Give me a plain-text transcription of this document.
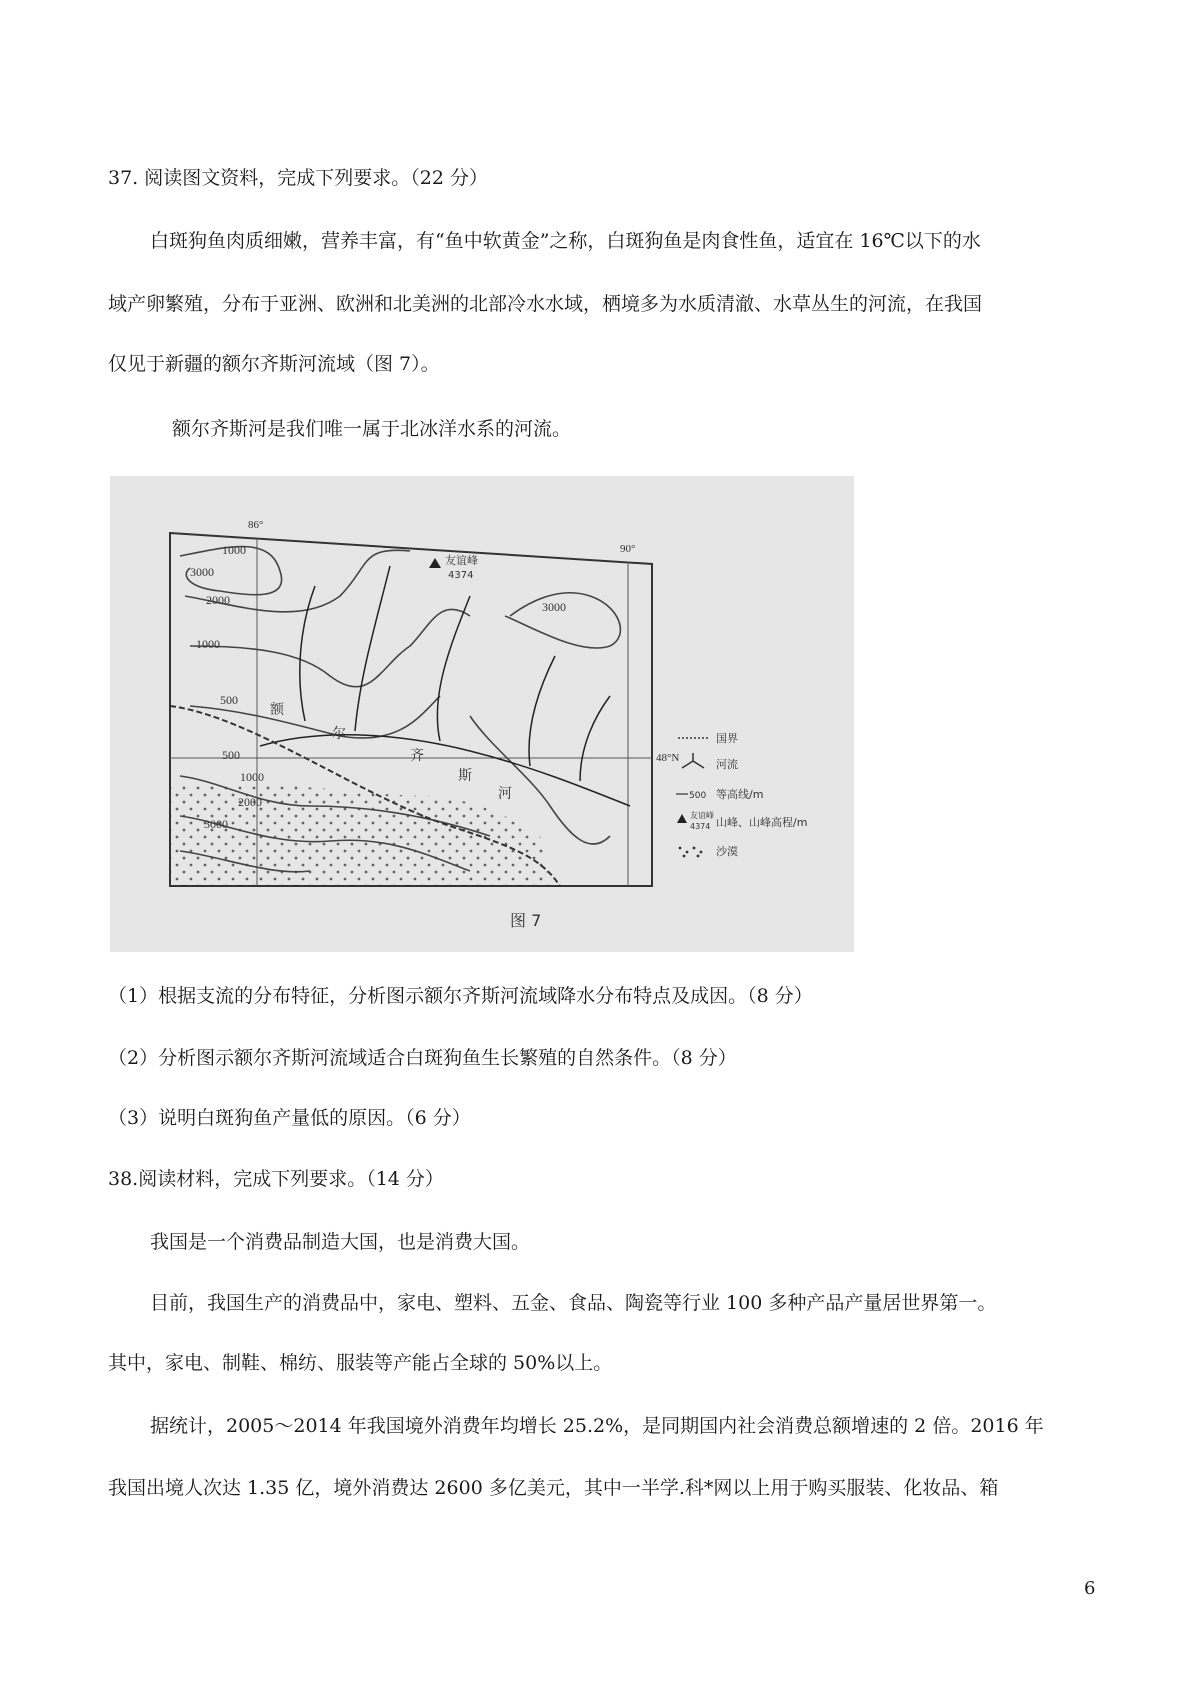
37. 阅读图文资料，完成下列要求。（22 分）
白斑狗鱼肉质细嫩，营养丰富，有“鱼中软黄金”之称，白斑狗鱼是肉食性鱼，适宜在 16℃以下的水
域产卵繁殖，分布于亚洲、欧洲和北美洲的北部冷水水域，栖境多为水质清澈、水草丛生的河流，在我国
仅见于新疆的额尔齐斯河流域（图 7）。
额尔齐斯河是我们唯一属于北冰洋水系的河流。
86°
90°
48°N
友谊峰
4374
1000
3000
2000
1000
500
500
1000
2000
3000
3000
额
尔
齐
斯
河
国界
河流
500 等高线/m
友谊峰
4374 山峰、山峰高程/m
沙漠
图 7
（1）根据支流的分布特征，分析图示额尔齐斯河流域降水分布特点及成因。（8 分）
（2）分析图示额尔齐斯河流域适合白斑狗鱼生长繁殖的自然条件。（8 分）
（3）说明白斑狗鱼产量低的原因。（6 分）
38.阅读材料，完成下列要求。（14 分）
我国是一个消费品制造大国，也是消费大国。
目前，我国生产的消费品中，家电、塑料、五金、食品、陶瓷等行业 100 多种产品产量居世界第一。
其中，家电、制鞋、棉纺、服装等产能占全球的 50%以上。
据统计，2005～2014 年我国境外消费年均增长 25.2%，是同期国内社会消费总额增速的 2 倍。2016 年
我国出境人次达 1.35 亿，境外消费达 2600 多亿美元，其中一半学.科*网以上用于购买服装、化妆品、箱
6
